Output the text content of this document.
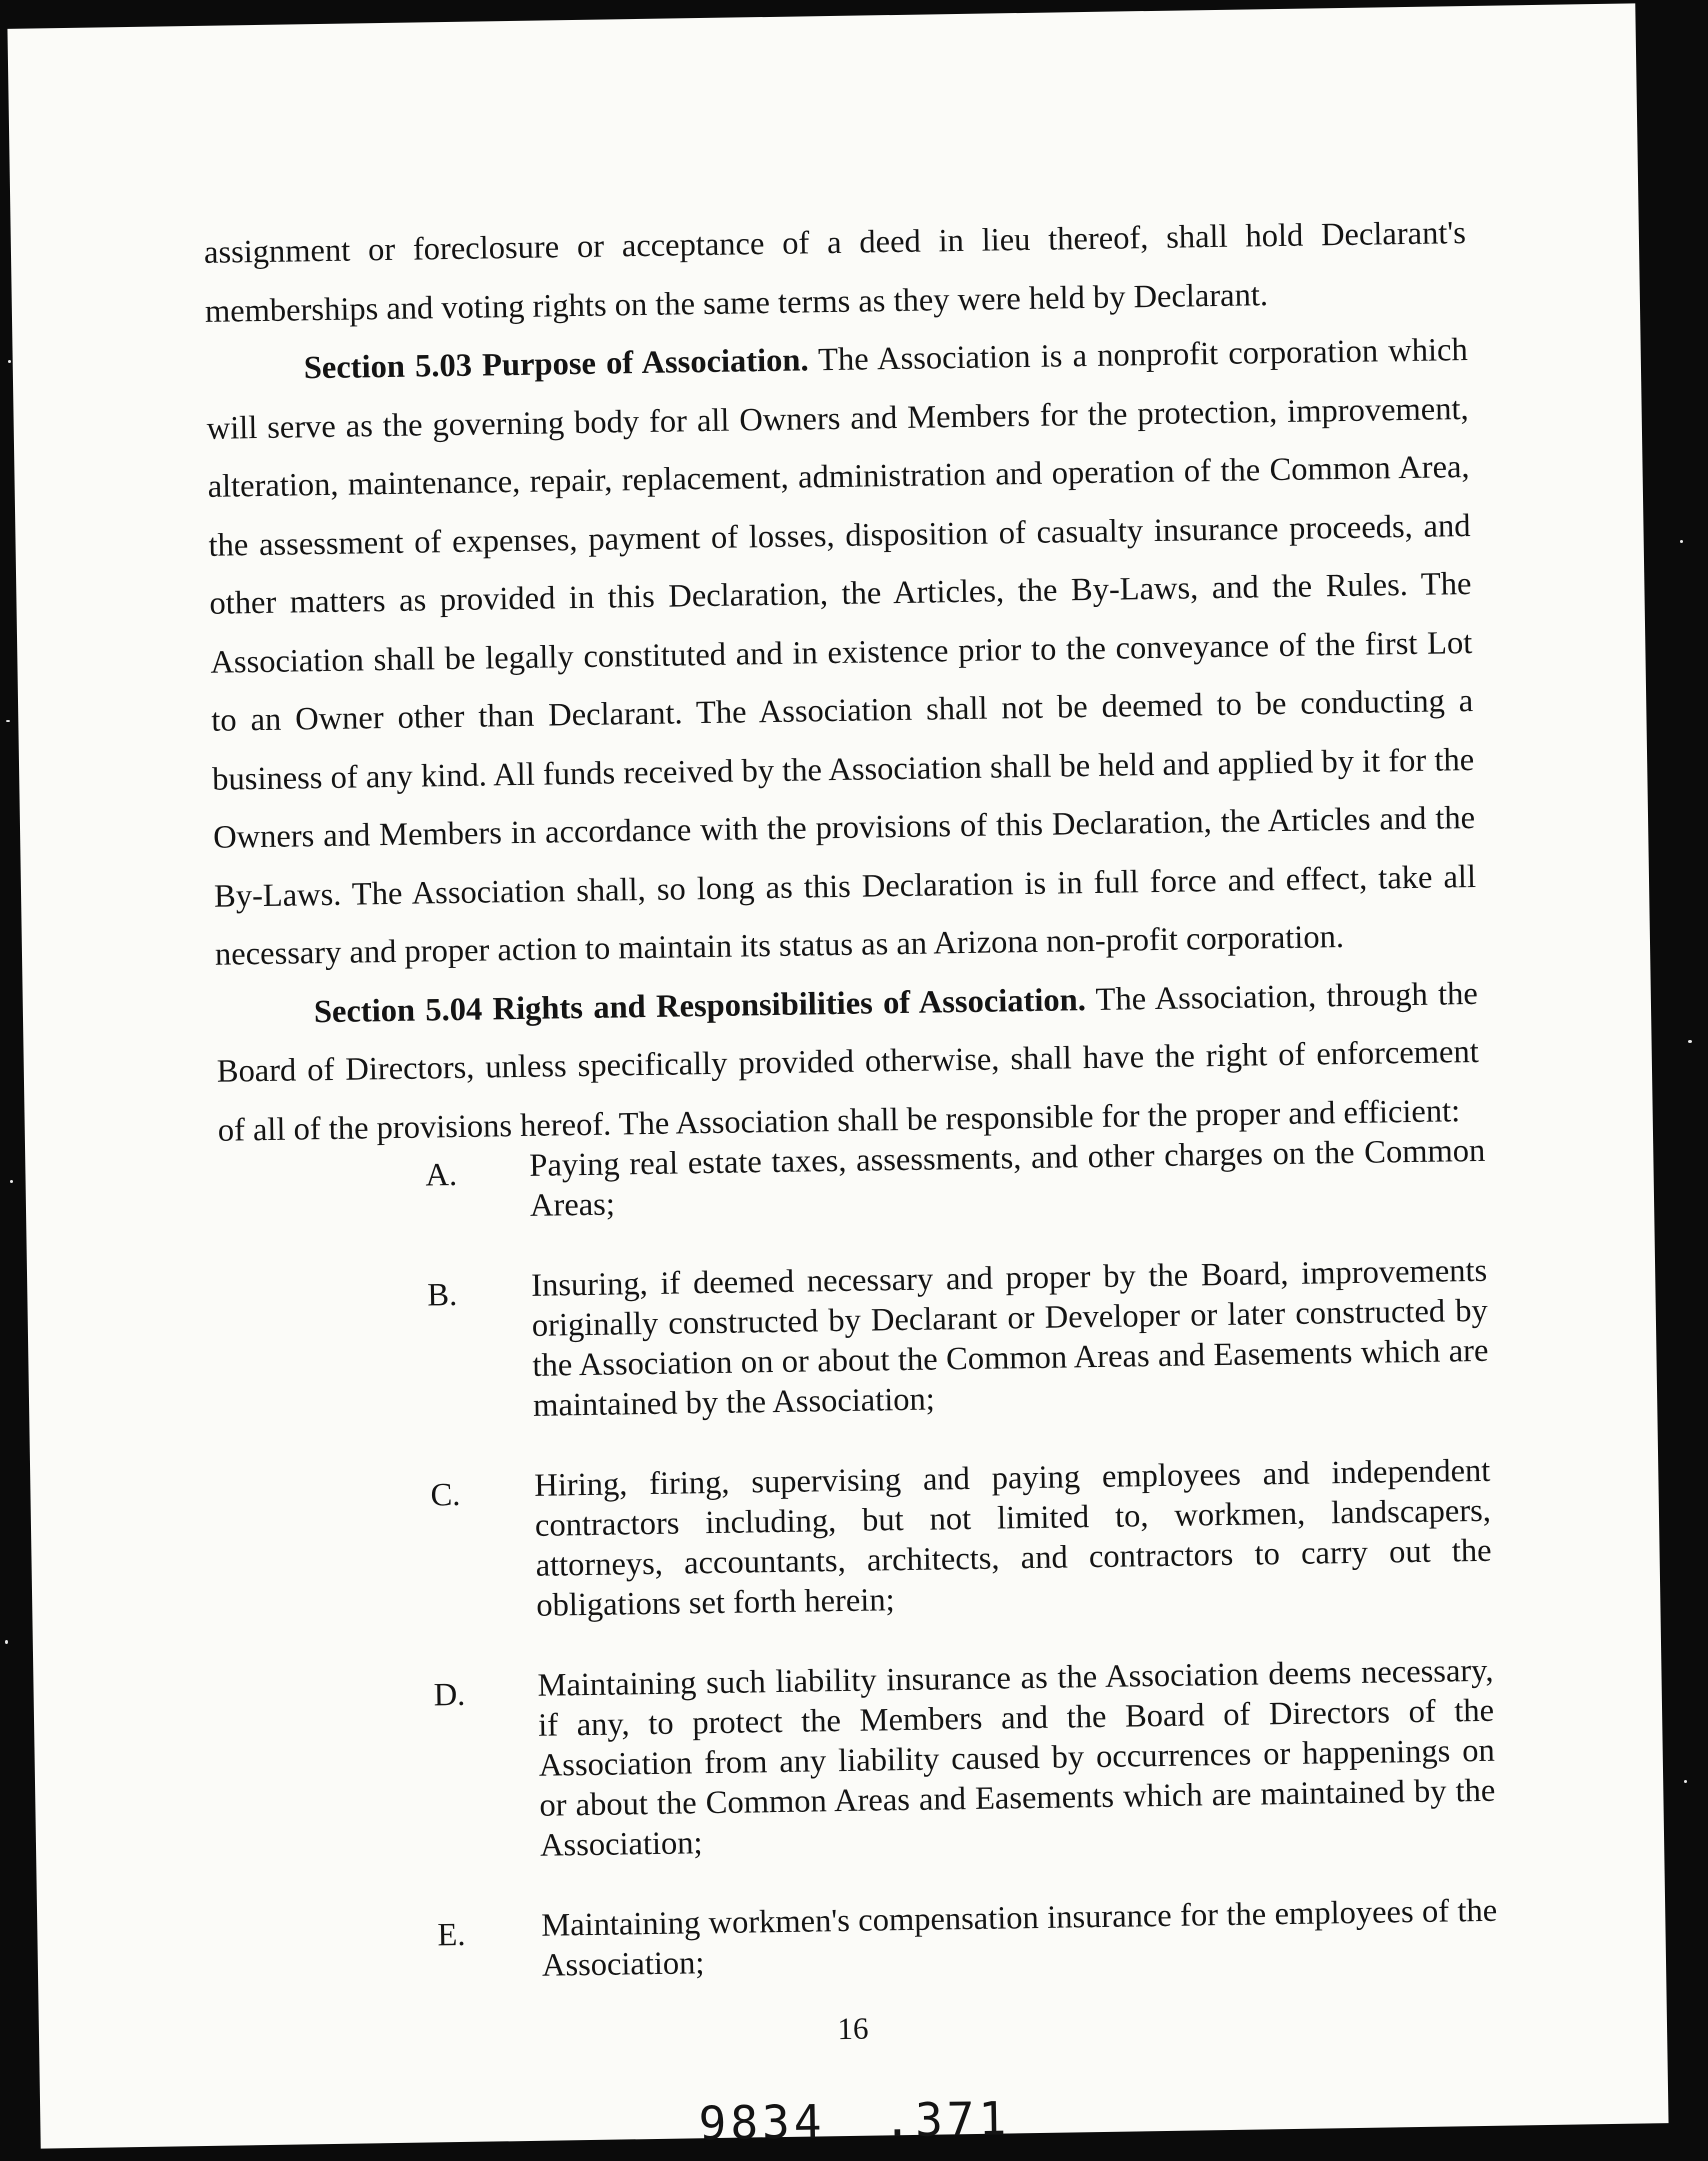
assignment or foreclosure or acceptance of a deed in lieu thereof, shall hold Declarant's memberships and voting rights on the same terms as they were held by Declarant.

Section 5.03 Purpose of Association. The Association is a nonprofit corporation which will serve as the governing body for all Owners and Members for the protection, improvement, alteration, maintenance, repair, replacement, administration and operation of the Common Area, the assessment of expenses, payment of losses, disposition of casualty insurance proceeds, and other matters as provided in this Declaration, the Articles, the By-Laws, and the Rules. The Association shall be legally constituted and in existence prior to the conveyance of the first Lot to an Owner other than Declarant. The Association shall not be deemed to be conducting a business of any kind. All funds received by the Association shall be held and applied by it for the Owners and Members in accordance with the provisions of this Declaration, the Articles and the By-Laws. The Association shall, so long as this Declaration is in full force and effect, take all necessary and proper action to maintain its status as an Arizona non-profit corporation.

Section 5.04 Rights and Responsibilities of Association. The Association, through the Board of Directors, unless specifically provided otherwise, shall have the right of enforcement of all of the provisions hereof. The Association shall be responsible for the proper and efficient:

A. Paying real estate taxes, assessments, and other charges on the Common Areas;
B. Insuring, if deemed necessary and proper by the Board, improvements originally constructed by Declarant or Developer or later constructed by the Association on or about the Common Areas and Easements which are maintained by the Association;
C. Hiring, firing, supervising and paying employees and independent contractors including, but not limited to, workmen, landscapers, attorneys, accountants, architects, and contractors to carry out the obligations set forth herein;
D. Maintaining such liability insurance as the Association deems necessary, if any, to protect the Members and the Board of Directors of the Association from any liability caused by occurrences or happenings on or about the Common Areas and Easements which are maintained by the Association;
E. Maintaining workmen's compensation insurance for the employees of the Association;
16
9834 .371
